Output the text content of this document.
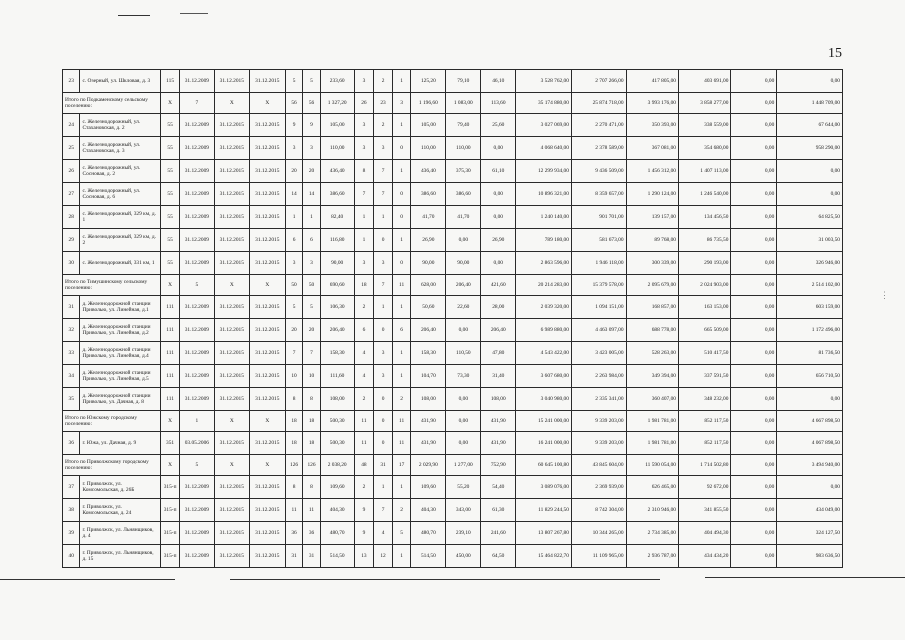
15
⋮
23	с. Озерный, ул. Шкловая, д. 3	115	31.12.2009	31.12.2015	31.12.2015	5	5	233,60	3	2	1	125,20	79,10	46,10	3 528 762,00	2 707 266,00	417 805,00	403 691,00	0,00	0,00
Итого по Подкаменскому сельскому поселению:		X	7	X	X	56	56	1 327,20	26	23	3	1 196,60	1 083,00	113,60	35 174 880,00	25 874 718,00	3 993 176,00	3 858 277,00	0,00	1 448 709,00
24	с. Железнодорожный, ул. Стахановская, д. 2	55	31.12.2009	31.12.2015	31.12.2015	9	9	105,00	3	2	1	105,00	79,40	25,60	3 027 069,00	2 270 471,00	350 393,00	338 559,00	0,00	67 644,00
25	с. Железнодорожный, ул. Стахановская, д. 3	55	31.12.2009	31.12.2015	31.12.2015	3	3	110,00	3	3	0	110,00	110,00	0,00	4 068 640,00	2 378 589,00	367 081,00	354 680,00	0,00	958 290,00
26	с. Железнодорожный, ул. Сосновая, д. 2	55	31.12.2009	31.12.2015	31.12.2015	20	20	436,40	8	7	1	436,40	375,30	61,10	12 299 934,00	9 436 509,00	1 456 312,00	1 407 113,00	0,00	0,00
27	с. Железнодорожный, ул. Сосновая, д. 6	55	31.12.2009	31.12.2015	31.12.2015	14	14	386,60	7	7	0	386,60	386,60	0,00	10 896 321,00	8 359 657,00	1 290 124,00	1 246 540,00	0,00	0,00
28	с. Железнодорожный, 329 км, д. 1	55	31.12.2009	31.12.2015	31.12.2015	1	1	82,40	1	1	0	41,70	41,70	0,00	1 240 140,00	901 701,00	139 157,00	134 456,50	0,00	64 825,50
29	с. Железнодорожный, 329 км, д. 2	55	31.12.2009	31.12.2015	31.12.2015	6	6	116,80	1	0	1	26,90	0,00	26,90	789 180,00	581 673,00	89 768,00	86 735,50	0,00	31 003,50
30	с. Железнодорожный, 331 км, 1	55	31.12.2009	31.12.2015	31.12.2015	3	3	90,00	3	3	0	90,00	90,00	0,00	2 863 596,00	1 946 118,00	300 339,00	290 193,00	0,00	326 946,00
Итого по Тимушинскому сельскому поселению:		X	5	X	X	50	50	690,60	18	7	11	628,00	206,40	421,60	20 214 283,00	15 379 578,00	2 095 679,00	2 024 903,00	0,00	2 514 102,00
31	д. Железнодорожной станции Приволью, ул. Линейная, д.1	111	31.12.2009	31.12.2015	31.12.2015	5	5	106,30	2	1	1	50,60	22,60	28,00	2 039 320,00	1 094 151,00	168 857,00	163 153,00	0,00	603 159,00
32	д. Железнодорожной станции Приволью, ул. Линейная, д.2	111	31.12.2009	31.12.2015	31.12.2015	20	20	206,40	6	0	6	206,40	0,00	206,40	6 989 880,00	4 463 097,00	688 778,00	665 509,00	0,00	1 172 496,00
33	д. Железнодорожной станции Приволью, ул. Линейная, д.4	111	31.12.2009	31.12.2015	31.12.2015	7	7	158,30	4	3	1	158,30	110,50	47,80	4 543 422,00	3 423 005,00	528 263,00	510 417,50	0,00	81 736,50
34	д. Железнодорожной станции Приволью, ул. Линейная, д.5	111	31.12.2009	31.12.2015	31.12.2015	10	10	111,60	4	3	1	104,70	73,30	31,40	3 607 680,00	2 263 984,00	349 394,00	337 591,50	0,00	656 710,50
35	д. Железнодорожной станции Приволью, ул. Дачная, д. 8	111	31.12.2009	31.12.2015	31.12.2015	8	8	108,00	2	0	2	108,00	0,00	108,00	3 040 980,00	2 335 341,00	360 407,00	348 232,00	0,00	0,00
Итого по Южскому городскому поселению:		X	1	X	X	18	18	500,30	11	0	11	431,90	0,00	431,90	15 241 000,00	9 339 203,00	1 981 781,00	852 117,50	0,00	4 667 898,50
36	г. Южа, ул. Дачная, д. 9	351	03.05.2006	31.12.2015	31.12.2015	18	18	500,30	11	0	11	431,90	0,00	431,90	16 241 000,00	9 339 203,00	1 981 781,00	852 117,50	0,00	4 067 898,50
Итого по Приволжскому городскому поселению:		X	5	X	X	126	126	2 038,20	48	31	17	2 029,90	1 277,00	752,90	60 645 100,80	43 845 604,00	11 590 054,00	1 714 502,80	0,00	3 494 940,00
37	г. Приволжск, ул. Комсомольская, д. 26Б	315-п	31.12.2009	31.12.2015	31.12.2015	8	8	109,60	2	1	1	109,60	55,20	54,40	3 089 076,00	2 369 939,00	626 465,00	92 672,00	0,00	0,00
38	г. Приволжск, ул. Комсомольская, д. 24	315-п	31.12.2009	31.12.2015	31.12.2015	11	11	404,30	9	7	2	404,30	343,00	61,30	11 829 244,50	8 742 304,00	2 310 946,00	341 855,50	0,00	434 049,00
39	г. Приволжск, ул. Льнянщиков, д. 4	315-п	31.12.2009	31.12.2015	31.12.2015	36	36	480,70	9	4	5	480,70	239,10	241,60	13 807 267,80	10 344 265,00	2 734 385,00	404 494,30	0,00	324 127,50
40	г. Приволжск, ул. Льнянщиков, д. 15	315-п	31.12.2009	31.12.2015	31.12.2015	31	31	514,50	13	12	1	514,50	450,00	64,50	15 464 822,70	11 109 965,00	2 936 787,00	434 434,20	0,00	983 636,50
